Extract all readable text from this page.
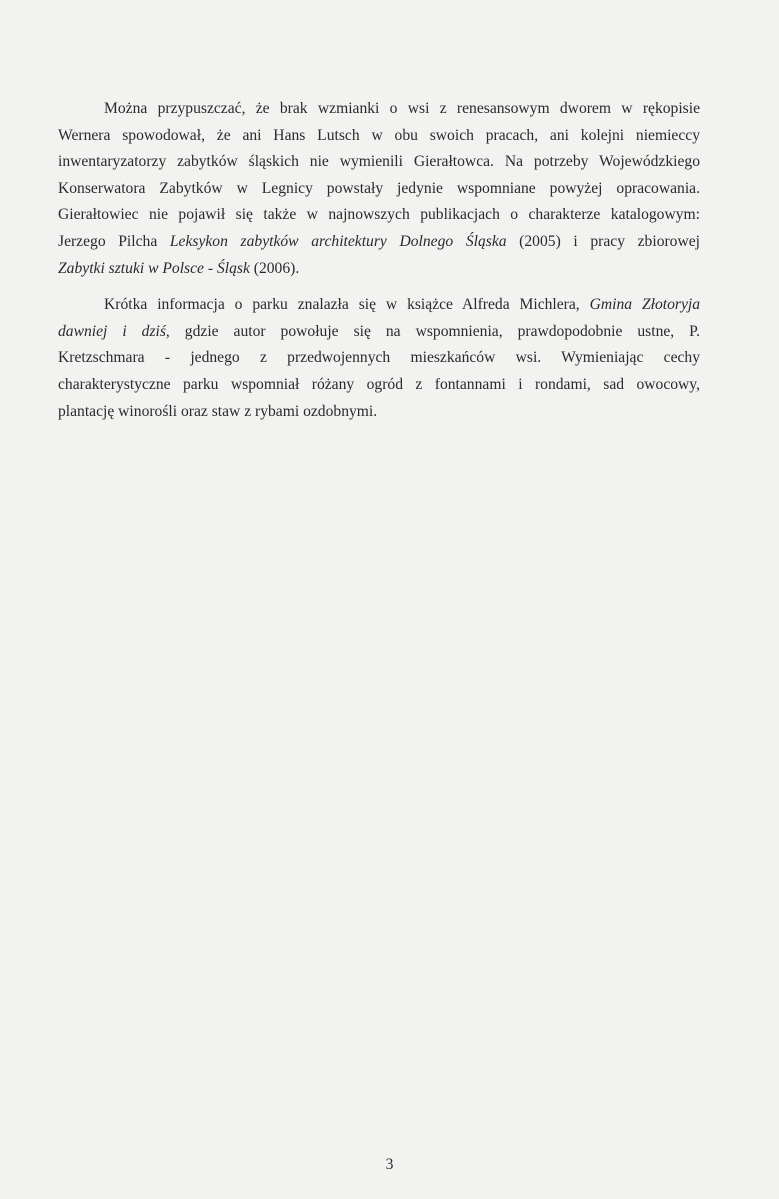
Można przypuszczać, że brak wzmianki o wsi z renesansowym dworem w rękopisie
Wernera spowodował, że ani Hans Lutsch w obu swoich pracach, ani kolejni niemieccy
inwentaryzatorzy zabytków śląskich nie wymienili Gierałtowca. Na potrzeby Wojewódzkiego
Konserwatora Zabytków w Legnicy powstały jedynie wspomniane powyżej opracowania.
Gierałtowiec nie pojawił się także w najnowszych publikacjach o charakterze katalogowym:
Jerzego Pilcha Leksykon zabytków architektury Dolnego Śląska (2005) i pracy zbiorowej
Zabytki sztuki w Polsce - Śląsk (2006).

Krótka informacja o parku znalazła się w książce Alfreda Michlera, Gmina Złotoryja
dawniej i dziś, gdzie autor powołuje się na wspomnienia, prawdopodobnie ustne, P.
Kretzschmara - jednego z przedwojennych mieszkańców wsi. Wymieniając cechy
charakterystyczne parku wspomniał różany ogród z fontannami i rondami, sad owocowy,
plantację winorośli oraz staw z rybami ozdobnymi.

3
